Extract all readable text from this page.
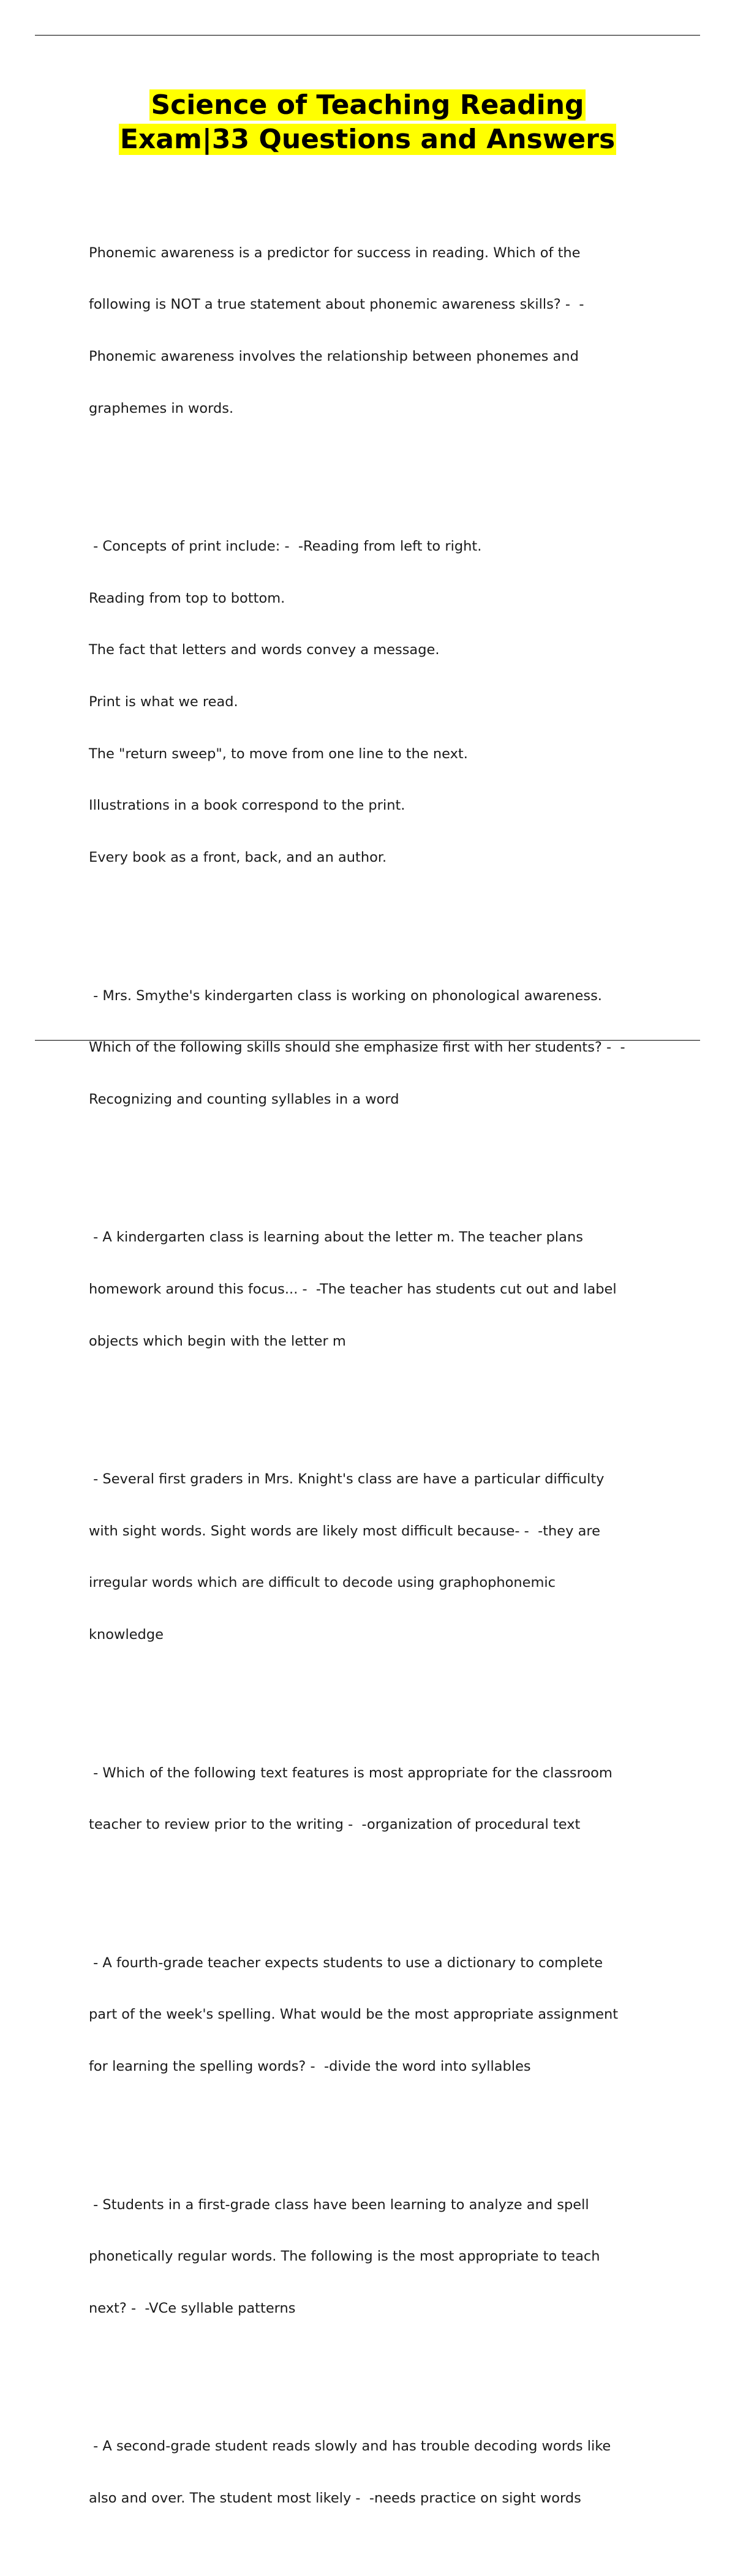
Science of Teaching Reading
Exam|33 Questions and Answers

Phonemic awareness is a predictor for success in reading. Which of the

following is NOT a true statement about phonemic awareness skills? -  -

Phonemic awareness involves the relationship between phonemes and

graphemes in words.

- Concepts of print include: -  -Reading from left to right.

Reading from top to bottom.

The fact that letters and words convey a message.

Print is what we read.

The "return sweep", to move from one line to the next.

Illustrations in a book correspond to the print.

Every book as a front, back, and an author.

- Mrs. Smythe's kindergarten class is working on phonological awareness.

Which of the following skills should she emphasize first with her students? -  -

Recognizing and counting syllables in a word

- A kindergarten class is learning about the letter m. The teacher plans

homework around this focus... -  -The teacher has students cut out and label

objects which begin with the letter m

- Several first graders in Mrs. Knight's class are have a particular difficulty

with sight words. Sight words are likely most difficult because- -  -they are

irregular words which are difficult to decode using graphophonemic

knowledge

- Which of the following text features is most appropriate for the classroom

teacher to review prior to the writing -  -organization of procedural text

- A fourth-grade teacher expects students to use a dictionary to complete

part of the week's spelling. What would be the most appropriate assignment

for learning the spelling words? -  -divide the word into syllables

- Students in a first-grade class have been learning to analyze and spell

phonetically regular words. The following is the most appropriate to teach

next? -  -VCe syllable patterns

- A second-grade student reads slowly and has trouble decoding words like

also and over. The student most likely -  -needs practice on sight words
